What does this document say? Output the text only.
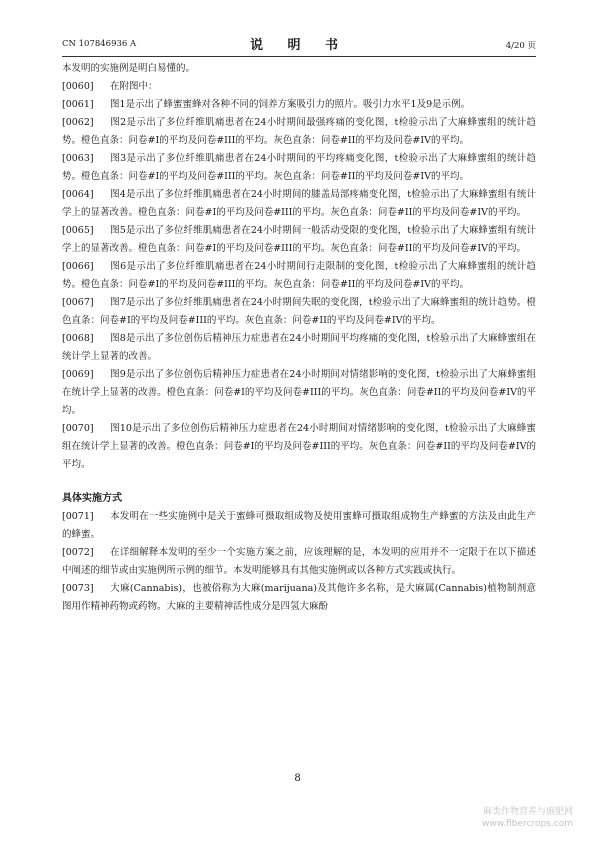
CN 107846936 A	说 明 书	4/20 页

本发明的实施例是明白易懂的。

[0060] 在附图中：

[0061] 图1是示出了蜂蜜蜜蜂对各种不同的饲养方案吸引力的照片。吸引力水平1及9是示例。

[0062] 图2是示出了多位纤维肌痛患者在24小时期间最强疼痛的变化图，t检验示出了大麻蜂蜜组的统计趋势。橙色直条：问卷#I的平均及问卷#III的平均。灰色直条：问卷#II的平均及问卷#IV的平均。

[0063] 图3是示出了多位纤维肌痛患者在24小时期间的平均疼痛变化图，t检验示出了大麻蜂蜜组的统计趋势。橙色直条：问卷#I的平均及问卷#III的平均。灰色直条：问卷#II的平均及问卷#IV的平均。

[0064] 图4是示出了多位纤维肌痛患者在24小时期间的膝盖局部疼痛变化图，t检验示出了大麻蜂蜜组有统计学上的显著改善。橙色直条：问卷#I的平均及问卷#III的平均。灰色直条：问卷#II的平均及问卷#IV的平均。

[0065] 图5是示出了多位纤维肌痛患者在24小时期间一般活动受限的变化图，t检验示出了大麻蜂蜜组有统计学上的显著改善。橙色直条：问卷#I的平均及问卷#III的平均。灰色直条：问卷#II的平均及问卷#IV的平均。

[0066] 图6是示出了多位纤维肌痛患者在24小时期间行走限制的变化图，t检验示出了大麻蜂蜜组的统计趋势。橙色直条：问卷#I的平均及问卷#III的平均。灰色直条：问卷#II的平均及问卷#IV的平均。

[0067] 图7是示出了多位纤维肌痛患者在24小时期间失眠的变化图，t检验示出了大麻蜂蜜组的统计趋势。橙色直条：问卷#I的平均及问卷#III的平均。灰色直条：问卷#II的平均及问卷#IV的平均。

[0068] 图8是示出了多位创伤后精神压力症患者在24小时期间平均疼痛的变化图，t检验示出了大麻蜂蜜组在统计学上显著的改善。

[0069] 图9是示出了多位创伤后精神压力症患者在24小时期间对情绪影响的变化图，t检验示出了大麻蜂蜜组在统计学上显著的改善。橙色直条：问卷#I的平均及问卷#III的平均。灰色直条：问卷#II的平均及问卷#IV的平均。

[0070] 图10是示出了多位创伤后精神压力症患者在24小时期间对情绪影响的变化图，t检验示出了大麻蜂蜜组在统计学上显著的改善。橙色直条：问卷#I的平均及问卷#III的平均。灰色直条：问卷#II的平均及问卷#IV的平均。

具体实施方式

[0071] 本发明在一些实施例中是关于蜜蜂可摄取组成物及使用蜜蜂可摄取组成物生产蜂蜜的方法及由此生产的蜂蜜。

[0072] 在详细解释本发明的至少一个实施方案之前，应该理解的是，本发明的应用并不一定限于在以下描述中阐述的细节或由实施例所示例的细节。本发明能够具有其他实施例或以各种方式实践或执行。

[0073] 大麻(Cannabis)，也被俗称为大麻(marijuana)及其他许多名称，是大麻属(Cannabis)植物制剂意图用作精神药物或药物。大麻的主要精神活性成分是四氢大麻酚

8
麻类作物营养与施肥网
www.fibercrops.com
